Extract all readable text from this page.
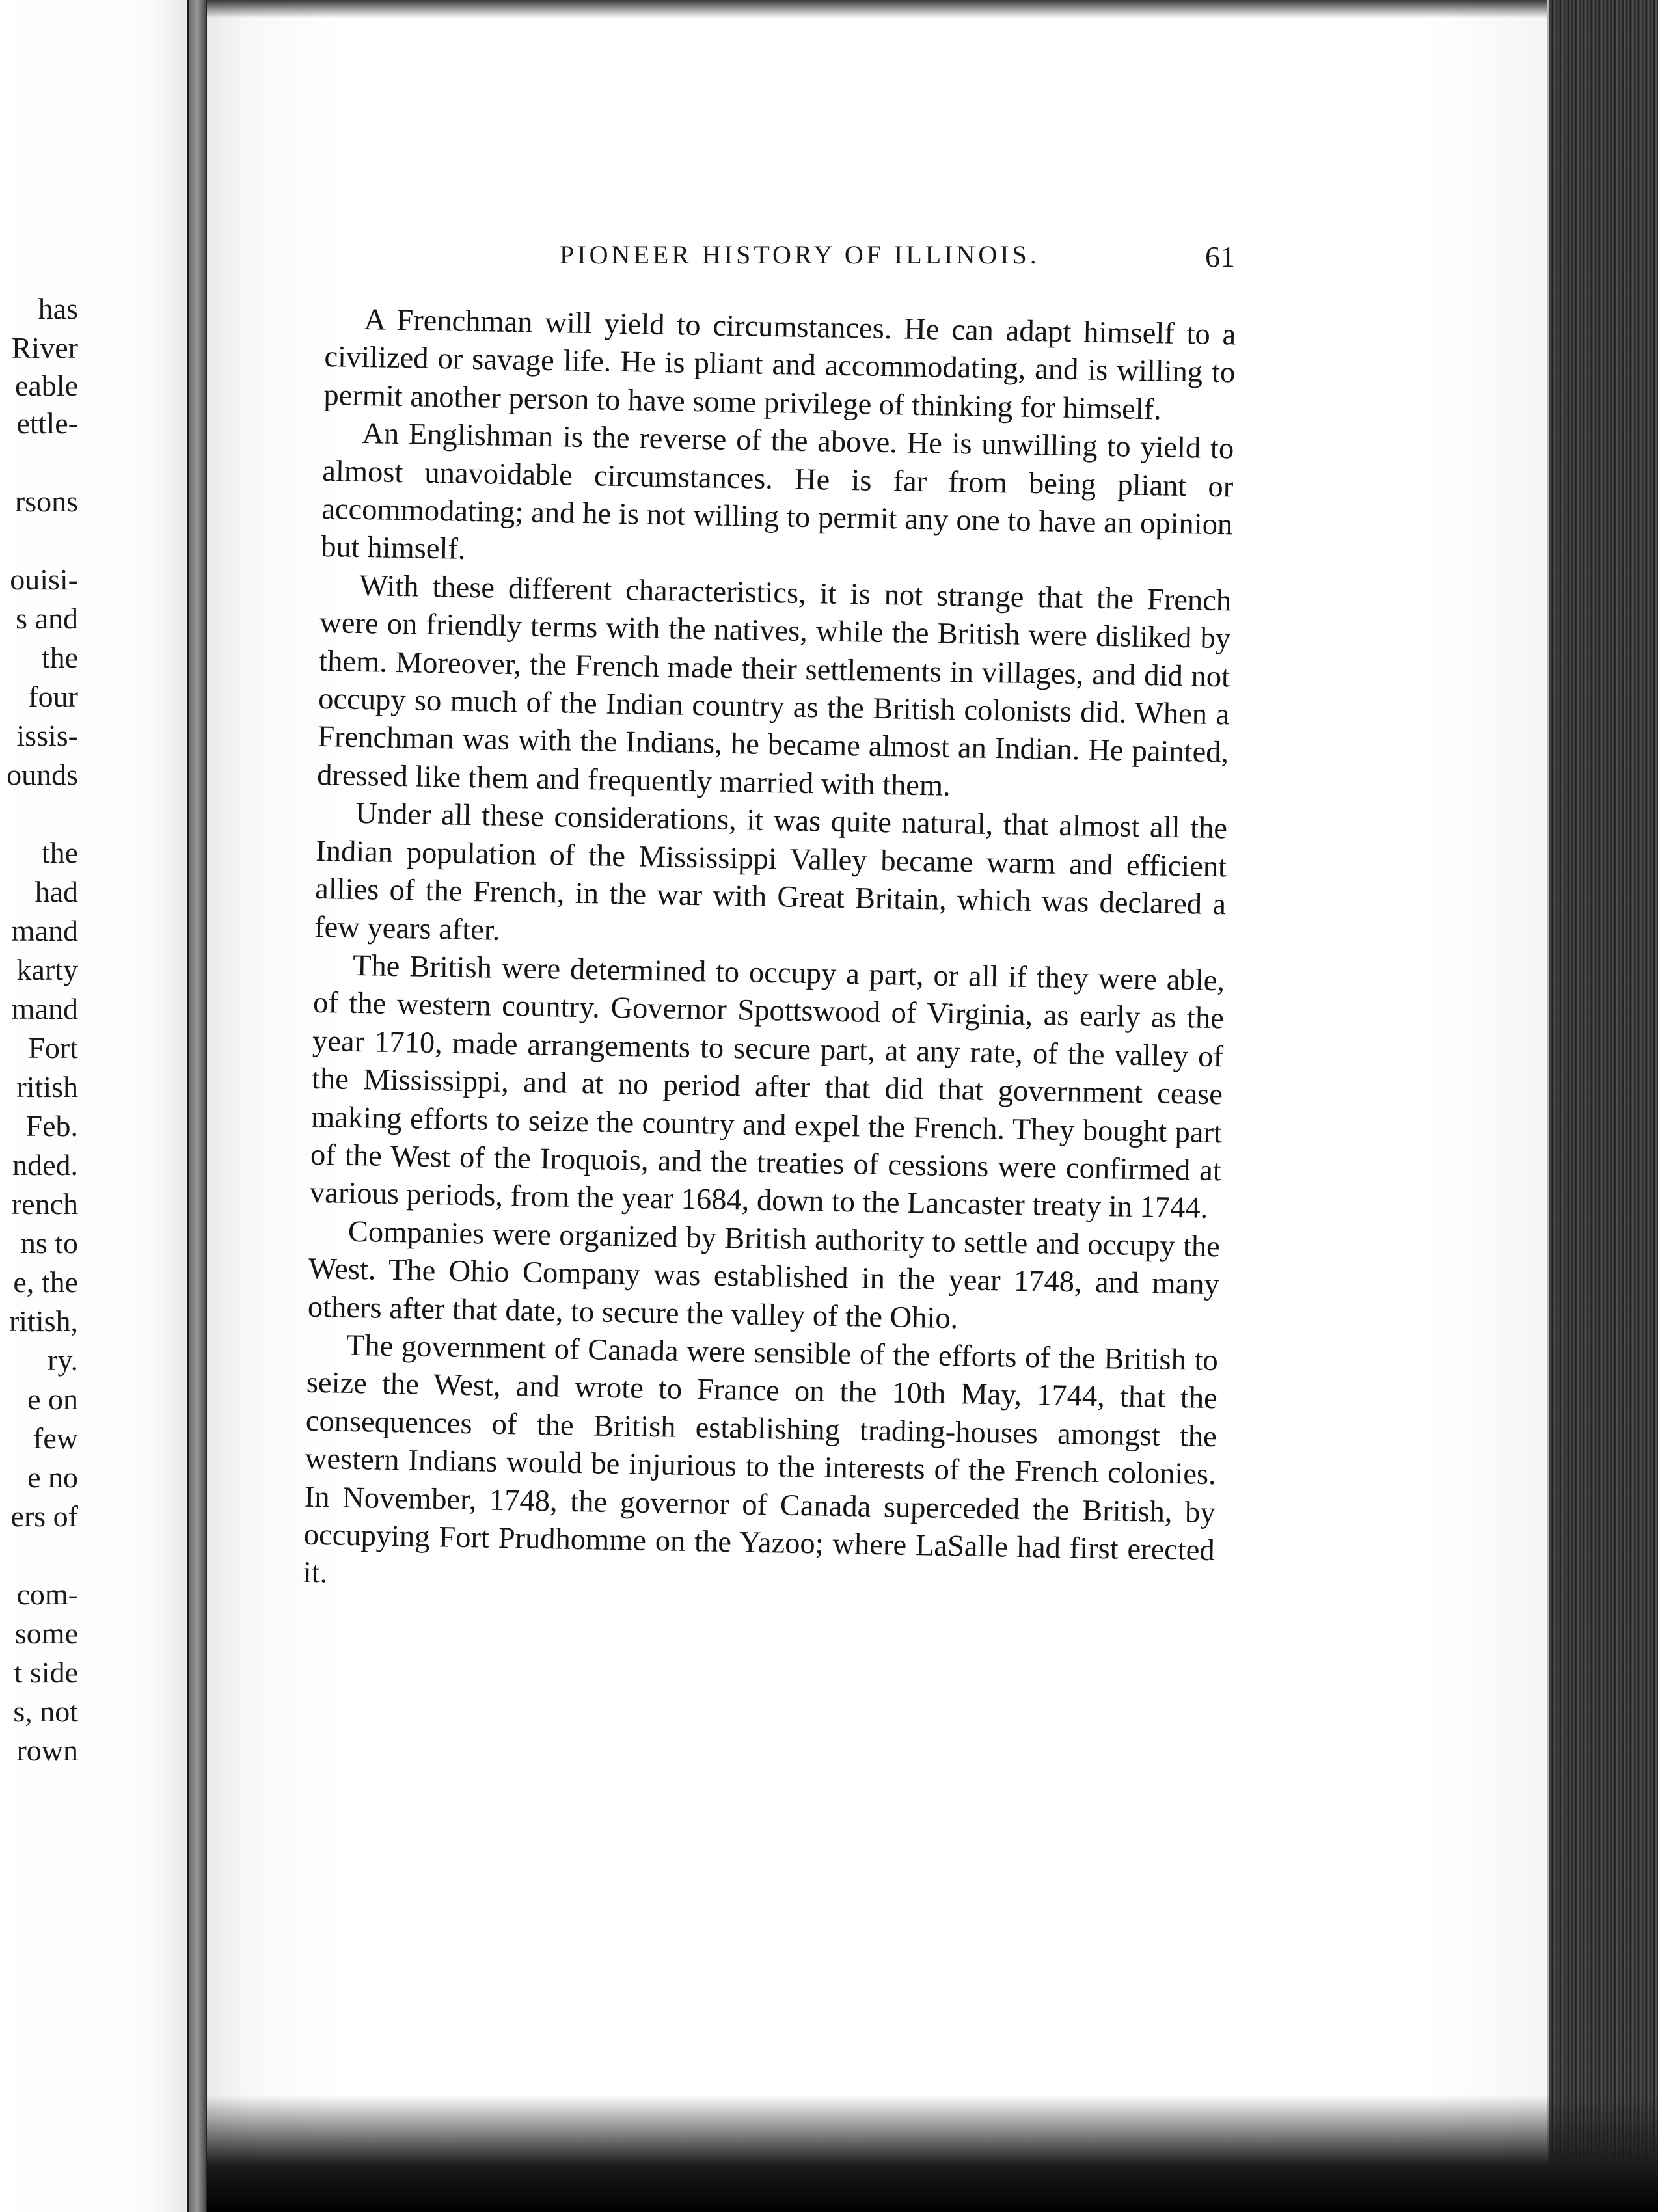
has
River
eable
ettle-
rsons
ouisi-
s and
the
four
issis-
ounds
the
had
mand
karty
mand
Fort
ritish
Feb.
nded.
rench
ns to
e, the
ritish,
ry.
e on
few
e no
ers of
com-
some
t side
s, not
rown
PIONEER HISTORY OF ILLINOIS.	61

A Frenchman will yield to circumstances. He can adapt himself to a civilized or savage life. He is pliant and accommodating, and is willing to permit another person to have some privilege of thinking for himself.

An Englishman is the reverse of the above. He is unwilling to yield to almost unavoidable circumstances. He is far from being pliant or accommodating; and he is not willing to permit any one to have an opinion but himself.

With these different characteristics, it is not strange that the French were on friendly terms with the natives, while the British were disliked by them. Moreover, the French made their settlements in villages, and did not occupy so much of the Indian country as the British colonists did. When a Frenchman was with the Indians, he became almost an Indian. He painted, dressed like them and frequently married with them.

Under all these considerations, it was quite natural, that almost all the Indian population of the Mississippi Valley became warm and efficient allies of the French, in the war with Great Britain, which was declared a few years after.

The British were determined to occupy a part, or all if they were able, of the western country. Governor Spottswood of Virginia, as early as the year 1710, made arrangements to secure part, at any rate, of the valley of the Mississippi, and at no period after that did that government cease making efforts to seize the country and expel the French. They bought part of the West of the Iroquois, and the treaties of cessions were confirmed at various periods, from the year 1684, down to the Lancaster treaty in 1744.

Companies were organized by British authority to settle and occupy the West. The Ohio Company was established in the year 1748, and many others after that date, to secure the valley of the Ohio.

The government of Canada were sensible of the efforts of the British to seize the West, and wrote to France on the 10th May, 1744, that the consequences of the British establishing trading-houses amongst the western Indians would be injurious to the interests of the French colonies. In November, 1748, the governor of Canada superceded the British, by occupying Fort Prudhomme on the Yazoo; where LaSalle had first erected it.
